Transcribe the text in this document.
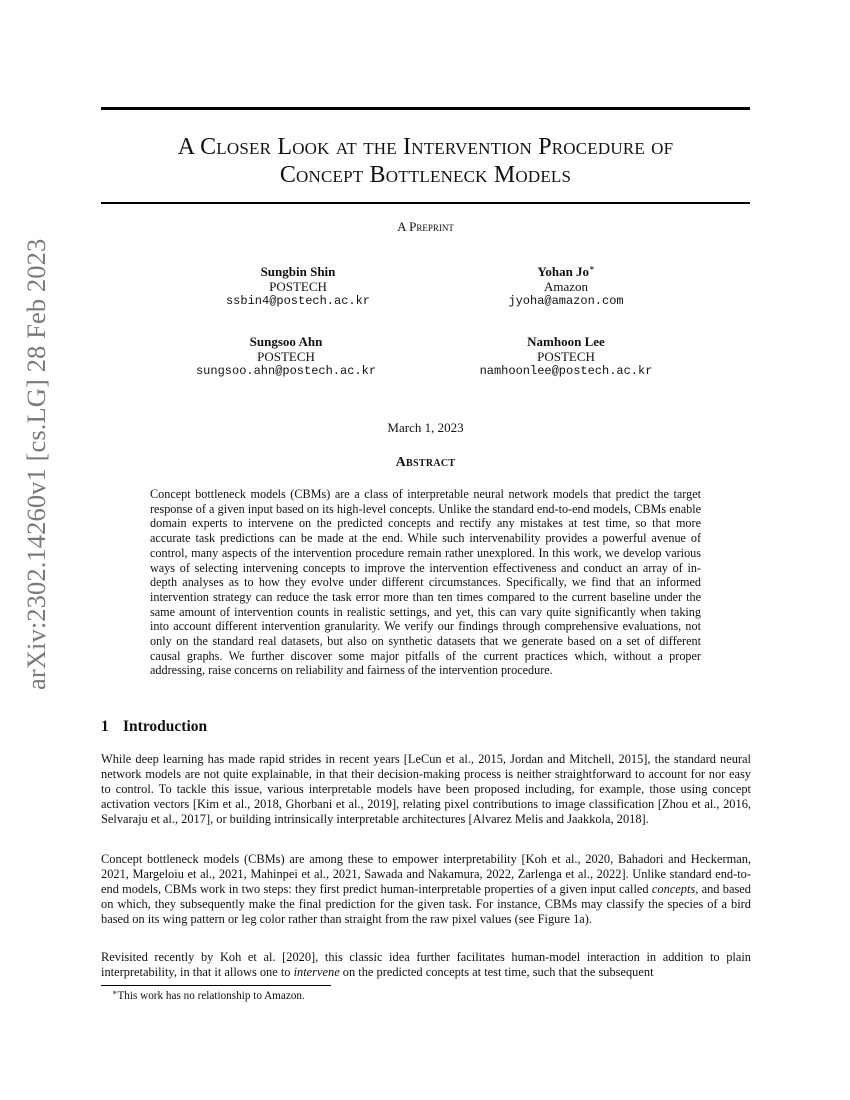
arXiv:2302.14260v1 [cs.LG] 28 Feb 2023
A Closer Look at the Intervention Procedure of
Concept Bottleneck Models
A Preprint
Sungbin Shin
POSTECH
ssbin4@postech.ac.kr
Yohan Jo∗
Amazon
jyoha@amazon.com
Sungsoo Ahn
POSTECH
sungsoo.ahn@postech.ac.kr
Namhoon Lee
POSTECH
namhoonlee@postech.ac.kr
March 1, 2023
Abstract

Concept bottleneck models (CBMs) are a class of interpretable neural network models that predict the target response of a given input based on its high-level concepts. Unlike the standard end-to-end models, CBMs enable domain experts to intervene on the predicted concepts and rectify any mistakes at test time, so that more accurate task predictions can be made at the end. While such intervenability provides a powerful avenue of control, many aspects of the intervention procedure remain rather unexplored. In this work, we develop various ways of selecting intervening concepts to improve the intervention effectiveness and conduct an array of in-depth analyses as to how they evolve under different circumstances. Specifically, we find that an informed intervention strategy can reduce the task error more than ten times compared to the current baseline under the same amount of intervention counts in realistic settings, and yet, this can vary quite significantly when taking into account different intervention granularity. We verify our findings through comprehensive evaluations, not only on the standard real datasets, but also on synthetic datasets that we generate based on a set of different causal graphs. We further discover some major pitfalls of the current practices which, without a proper addressing, raise concerns on reliability and fairness of the intervention procedure.

1 Introduction

While deep learning has made rapid strides in recent years [LeCun et al., 2015, Jordan and Mitchell, 2015], the standard neural network models are not quite explainable, in that their decision-making process is neither straightforward to account for nor easy to control. To tackle this issue, various interpretable models have been proposed including, for example, those using concept activation vectors [Kim et al., 2018, Ghorbani et al., 2019], relating pixel contributions to image classification [Zhou et al., 2016, Selvaraju et al., 2017], or building intrinsically interpretable architectures [Alvarez Melis and Jaakkola, 2018].

Concept bottleneck models (CBMs) are among these to empower interpretability [Koh et al., 2020, Bahadori and Heckerman, 2021, Margeloiu et al., 2021, Mahinpei et al., 2021, Sawada and Nakamura, 2022, Zarlenga et al., 2022]. Unlike standard end-to-end models, CBMs work in two steps: they first predict human-interpretable properties of a given input called concepts, and based on which, they subsequently make the final prediction for the given task. For instance, CBMs may classify the species of a bird based on its wing pattern or leg color rather than straight from the raw pixel values (see Figure 1a).

Revisited recently by Koh et al. [2020], this classic idea further facilitates human-model interaction in addition to plain interpretability, in that it allows one to intervene on the predicted concepts at test time, such that the subsequent

∗This work has no relationship to Amazon.
